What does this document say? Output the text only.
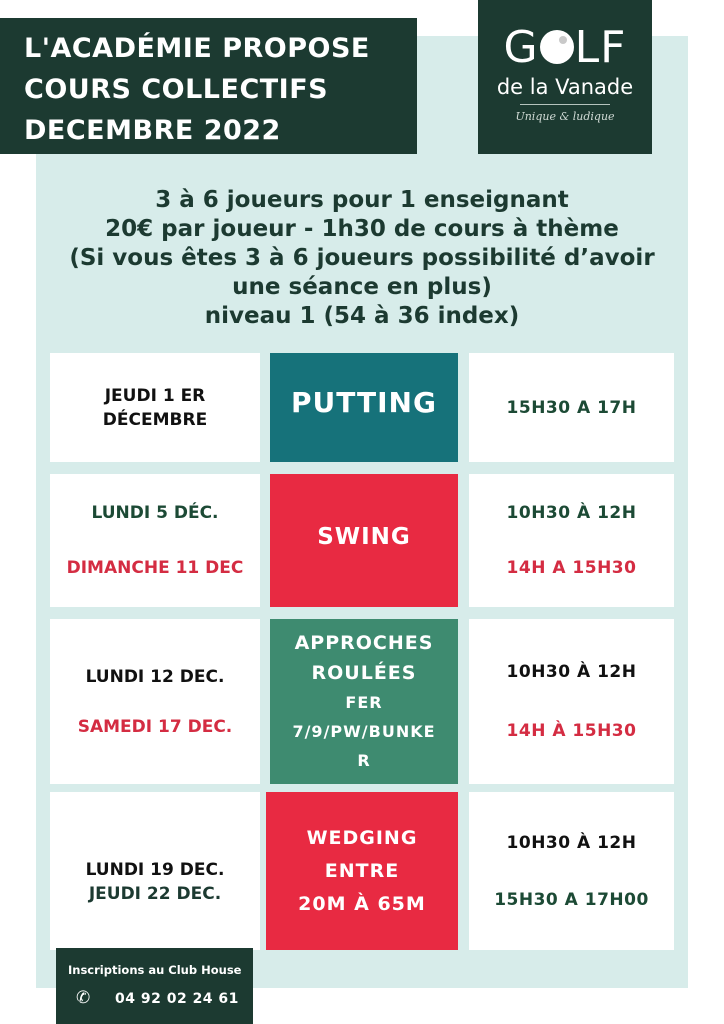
L'ACADÉMIE PROPOSE
COURS COLLECTIFS
DECEMBRE 2022
G LF
de la Vanade
Unique & ludique
3 à 6 joueurs pour 1 enseignant
20€ par joueur - 1h30 de cours à thème
(Si vous êtes 3 à 6 joueurs possibilité d’avoir
une séance en plus)
niveau 1 (54 à 36 index)
JEUDI 1 ER
DÉCEMBRE
PUTTING	15H30 A 17H
LUNDI 5 DÉC.
DIMANCHE 11 DEC
SWING
10H30 À 12H
14H A 15H30
LUNDI 12 DEC.
SAMEDI 17 DEC.
APPROCHES
ROULÉES
FER
7/9/PW/BUNKE
R
10H30 À 12H
14H À 15H30
LUNDI 19 DEC.
JEUDI 22 DEC.
WEDGING
ENTRE
20M À 65M
10H30 À 12H
15H30 A 17H00
Inscriptions au Club House
✆ 04 92 02 24 61
